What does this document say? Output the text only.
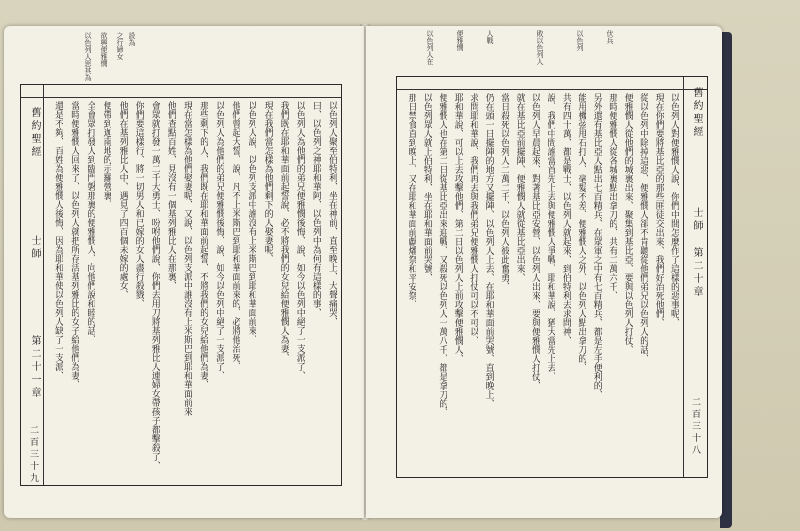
以色列人思其為 欲興便雅憫 之行婦女 設為
舊約聖經
士師
第二十一章
二百三十九
以色列人聚至伯特利、坐在神前、直至晚上、大聲痛哭、
曰、以色列之神耶和華阿、以色列中為何有這樣的事、
以色列人為他們的弟兄便雅憫後悔、說、如今以色列中絕了一支派了、
我們既在耶和華面前起誓說、必不將我們的女兒給便雅憫人為妻、
現在我們當怎樣為他們剩下的人娶妻呢、
以色列人說、以色列支派中誰沒有上米斯巴到耶和華面前來、
他們曾起大誓、說、凡不上米斯巴到耶和華面前來的、必將他治死、
以色列人為他們的弟兄便雅憫後悔、說、如今以色列中絕了一支派了、
那些剩下的人、我們既在耶和華面前起誓、不將我們的女兒給他們為妻、
現在當怎樣為他們娶妻呢、又說、以色列支派中誰沒有上米斯巴到耶和華面前來
他們查點百姓、見沒有一個基列雅比人在那裏、
會眾就打發一萬二千大勇士、吩咐他們說、你們去用刀將基列雅比人連婦女帶孩子都擊殺了、
你們要這樣行、將一切男人和已嫁的女人盡行殺戮、
他們在基列雅比人中、遇見了四百個未嫁的處女、
便帶到迦南地的示羅營裏、
全會眾打發人到臨門磐那裏的便雅憫人、向他們說和睦的話、
當時便雅憫人回來了、以色列人就把所存活基列雅比的女子給他們為妻、
還是不夠、百姓為便雅憫人後悔、因為耶和華使以色列人缺了一支派、
以色列人在	便雅憫	人戰	敗以色列人	以色列	伏兵
舊約聖經
士師
第二十章
二百三十八
以色列人對便雅憫人說、你們中間怎麼作了這樣的惡事呢、
現在你們要將基比亞的那些匪徒交出來、我們好治死他們、
從以色列中除掉這惡、便雅憫人卻不肯聽從他們弟兄以色列人的話、
便雅憫人從他們的城裏出來、聚集到基比亞、要與以色列人打仗、
那時便雅憫人從各城裏點出拿刀的、共有二萬六千、
另外還有基比亞人點出七百精兵、在眾軍之中有七百精兵、都是左手便利的、
能用機弦甩石打人、毫髮不差、便雅憫人之外、以色列人點出拿刀的、
共有四十萬、都是戰士、以色列人就起來、到伯特利去求問神、
說、我們中間誰當首先上去與便雅憫人爭戰、耶和華說、猶大當先上去、
以色列人早晨起來、對著基比亞安營、以色列人出來、要與便雅憫人打仗、
就在基比亞前擺陣、便雅憫人就從基比亞出來、
當日殺死以色列人二萬二千、以色列人彼此奮勇、
仍在頭一日擺陣的地方又擺陣、以色列人上去、在耶和華面前哭號、直到晚上、
求問耶和華說、我們再去與我們弟兄便雅憫人打仗可以不可以、
耶和華說、可以上去攻擊他們、第二日以色列人上前攻擊便雅憫人、
便雅憫人也在第二日從基比亞出來迎戰、又殺死以色列人一萬八千、都是拿刀的、
以色列眾人就上伯特利、坐在耶和華面前哭號、
那日禁食直到晚上、又在耶和華面前獻燔祭和平安祭、
